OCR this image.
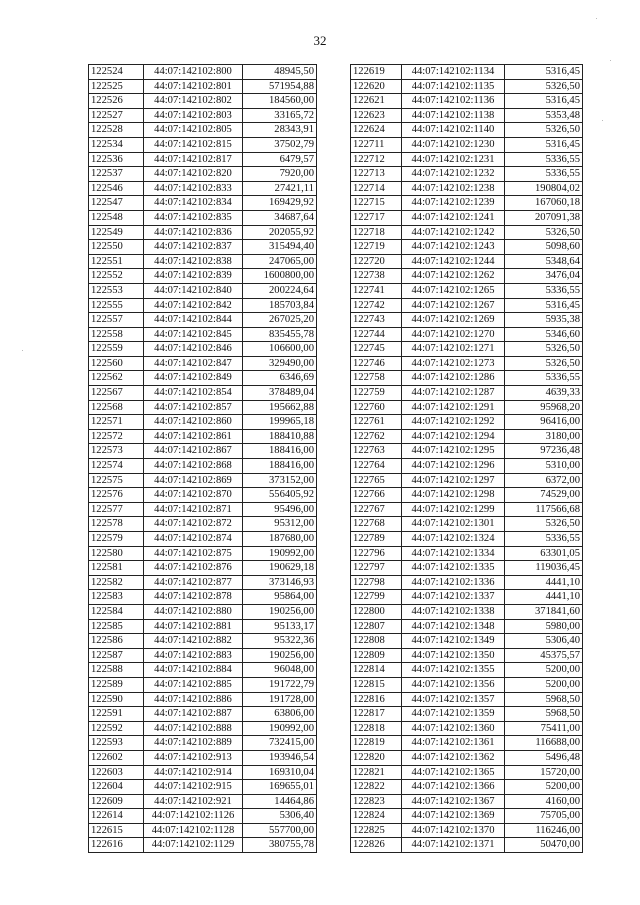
32
122524	44:07:142102:800	48945,50
122525	44:07:142102:801	571954,88
122526	44:07:142102:802	184560,00
122527	44:07:142102:803	33165,72
122528	44:07:142102:805	28343,91
122534	44:07:142102:815	37502,79
122536	44:07:142102:817	6479,57
122537	44:07:142102:820	7920,00
122546	44:07:142102:833	27421,11
122547	44:07:142102:834	169429,92
122548	44:07:142102:835	34687,64
122549	44:07:142102:836	202055,92
122550	44:07:142102:837	315494,40
122551	44:07:142102:838	247065,00
122552	44:07:142102:839	1600800,00
122553	44:07:142102:840	200224,64
122555	44:07:142102:842	185703,84
122557	44:07:142102:844	267025,20
122558	44:07:142102:845	835455,78
122559	44:07:142102:846	106600,00
122560	44:07:142102:847	329490,00
122562	44:07:142102:849	6346,69
122567	44:07:142102:854	378489,04
122568	44:07:142102:857	195662,88
122571	44:07:142102:860	199965,18
122572	44:07:142102:861	188410,88
122573	44:07:142102:867	188416,00
122574	44:07:142102:868	188416,00
122575	44:07:142102:869	373152,00
122576	44:07:142102:870	556405,92
122577	44:07:142102:871	95496,00
122578	44:07:142102:872	95312,00
122579	44:07:142102:874	187680,00
122580	44:07:142102:875	190992,00
122581	44:07:142102:876	190629,18
122582	44:07:142102:877	373146,93
122583	44:07:142102:878	95864,00
122584	44:07:142102:880	190256,00
122585	44:07:142102:881	95133,17
122586	44:07:142102:882	95322,36
122587	44:07:142102:883	190256,00
122588	44:07:142102:884	96048,00
122589	44:07:142102:885	191722,79
122590	44:07:142102:886	191728,00
122591	44:07:142102:887	63806,00
122592	44:07:142102:888	190992,00
122593	44:07:142102:889	732415,00
122602	44:07:142102:913	193946,54
122603	44:07:142102:914	169310,04
122604	44:07:142102:915	169655,01
122609	44:07:142102:921	14464,86
122614	44:07:142102:1126	5306,40
122615	44:07:142102:1128	557700,00
122616	44:07:142102:1129	380755,78
122619	44:07:142102:1134	5316,45
122620	44:07:142102:1135	5326,50
122621	44:07:142102:1136	5316,45
122623	44:07:142102:1138	5353,48
122624	44:07:142102:1140	5326,50
122711	44:07:142102:1230	5316,45
122712	44:07:142102:1231	5336,55
122713	44:07:142102:1232	5336,55
122714	44:07:142102:1238	190804,02
122715	44:07:142102:1239	167060,18
122717	44:07:142102:1241	207091,38
122718	44:07:142102:1242	5326,50
122719	44:07:142102:1243	5098,60
122720	44:07:142102:1244	5348,64
122738	44:07:142102:1262	3476,04
122741	44:07:142102:1265	5336,55
122742	44:07:142102:1267	5316,45
122743	44:07:142102:1269	5935,38
122744	44:07:142102:1270	5346,60
122745	44:07:142102:1271	5326,50
122746	44:07:142102:1273	5326,50
122758	44:07:142102:1286	5336,55
122759	44:07:142102:1287	4639,33
122760	44:07:142102:1291	95968,20
122761	44:07:142102:1292	96416,00
122762	44:07:142102:1294	3180,00
122763	44:07:142102:1295	97236,48
122764	44:07:142102:1296	5310,00
122765	44:07:142102:1297	6372,00
122766	44:07:142102:1298	74529,00
122767	44:07:142102:1299	117566,68
122768	44:07:142102:1301	5326,50
122789	44:07:142102:1324	5336,55
122796	44:07:142102:1334	63301,05
122797	44:07:142102:1335	119036,45
122798	44:07:142102:1336	4441,10
122799	44:07:142102:1337	4441,10
122800	44:07:142102:1338	371841,60
122807	44:07:142102:1348	5980,00
122808	44:07:142102:1349	5306,40
122809	44:07:142102:1350	45375,57
122814	44:07:142102:1355	5200,00
122815	44:07:142102:1356	5200,00
122816	44:07:142102:1357	5968,50
122817	44:07:142102:1359	5968,50
122818	44:07:142102:1360	75411,00
122819	44:07:142102:1361	116688,00
122820	44:07:142102:1362	5496,48
122821	44:07:142102:1365	15720,00
122822	44:07:142102:1366	5200,00
122823	44:07:142102:1367	4160,00
122824	44:07:142102:1369	75705,00
122825	44:07:142102:1370	116246,00
122826	44:07:142102:1371	50470,00
